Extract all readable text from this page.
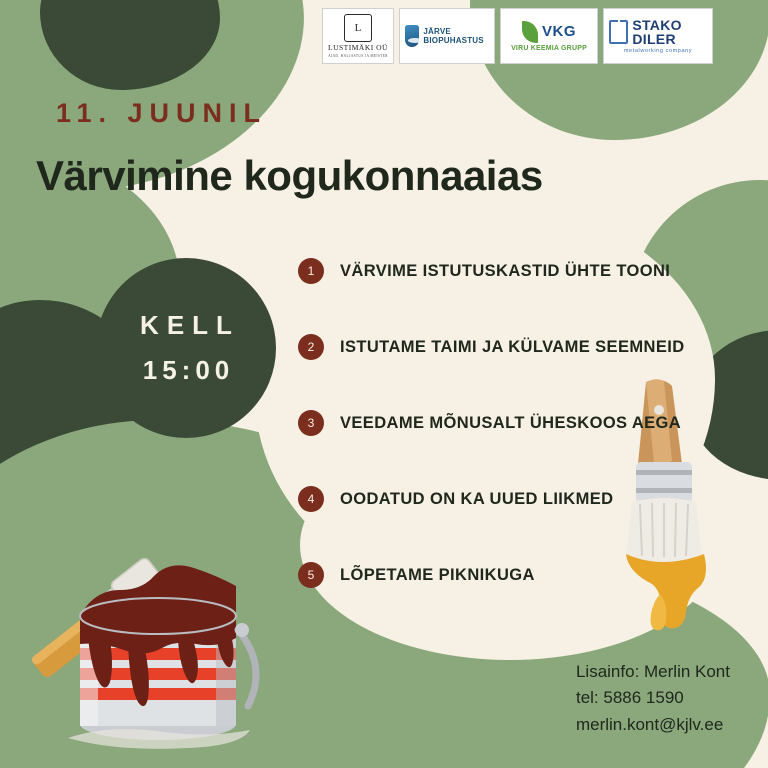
L
LUSTIMÄKI OÜ
AIAD, HALJASTUS JA MEISTER
JÄRVE BIOPUHASTUS
VKG
VIRU KEEMIA GRUPP
STAKO DILER
metalworking company
11. JUUNIL
Värvimine kogukonnaaias
KELL
15:00
1	VÄRVIME ISTUTUSKASTID ÜHTE TOONI
2	ISTUTAME TAIMI JA KÜLVAME SEEMNEID
3	VEEDAME MÕNUSALT ÜHESKOOS AEGA
4	OODATUD ON KA UUED LIIKMED
5	LÕPETAME PIKNIKUGA
Lisainfo: Merlin Kont
tel: 5886 1590
merlin.kont@kjlv.ee
